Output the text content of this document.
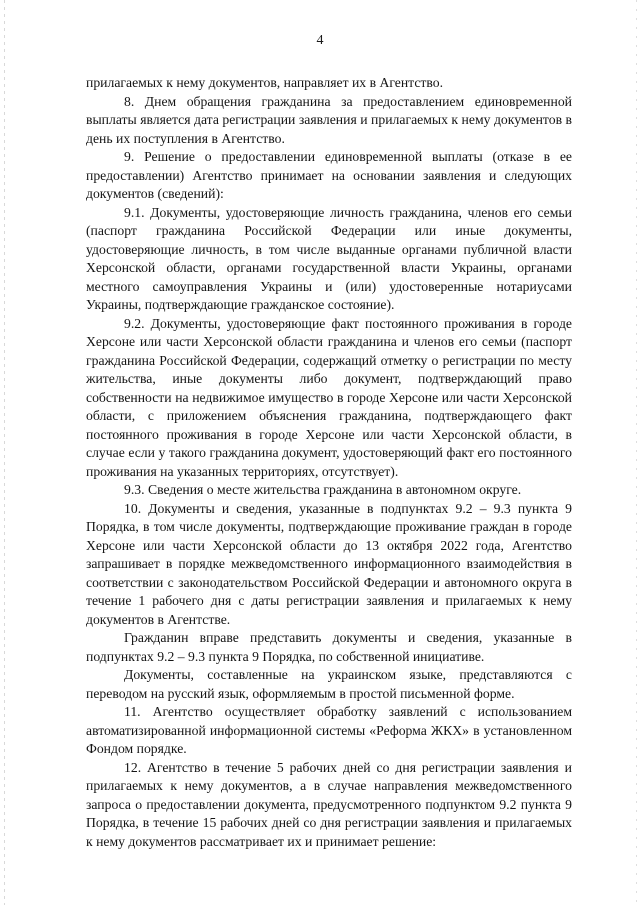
4

прилагаемых к нему документов, направляет их в Агентство.

8. Днем обращения гражданина за предоставлением единовременной выплаты является дата регистрации заявления и прилагаемых к нему документов в день их поступления в Агентство.

9. Решение о предоставлении единовременной выплаты (отказе в ее предоставлении) Агентство принимает на основании заявления и следующих документов (сведений):

9.1. Документы, удостоверяющие личность гражданина, членов его семьи (паспорт гражданина Российской Федерации или иные документы, удостоверяющие личность, в том числе выданные органами публичной власти Херсонской области, органами государственной власти Украины, органами местного самоуправления Украины и (или) удостоверенные нотариусами Украины, подтверждающие гражданское состояние).

9.2. Документы, удостоверяющие факт постоянного проживания в городе Херсоне или части Херсонской области гражданина и членов его семьи (паспорт гражданина Российской Федерации, содержащий отметку о регистрации по месту жительства, иные документы либо документ, подтверждающий право собственности на недвижимое имущество в городе Херсоне или части Херсонской области, с приложением объяснения гражданина, подтверждающего факт постоянного проживания в городе Херсоне или части Херсонской области, в случае если у такого гражданина документ, удостоверяющий факт его постоянного проживания на указанных территориях, отсутствует).

9.3. Сведения о месте жительства гражданина в автономном округе.

10. Документы и сведения, указанные в подпунктах 9.2 – 9.3 пункта 9 Порядка, в том числе документы, подтверждающие проживание граждан в городе Херсоне или части Херсонской области до 13 октября 2022 года, Агентство запрашивает в порядке межведомственного информационного взаимодействия в соответствии с законодательством Российской Федерации и автономного округа в течение 1 рабочего дня с даты регистрации заявления и прилагаемых к нему документов в Агентстве.

Гражданин вправе представить документы и сведения, указанные в подпунктах 9.2 – 9.3 пункта 9 Порядка, по собственной инициативе.

Документы, составленные на украинском языке, представляются с переводом на русский язык, оформляемым в простой письменной форме.

11. Агентство осуществляет обработку заявлений с использованием автоматизированной информационной системы «Реформа ЖКХ» в установленном Фондом порядке.

12. Агентство в течение 5 рабочих дней со дня регистрации заявления и прилагаемых к нему документов, а в случае направления межведомственного запроса о предоставлении документа, предусмотренного подпунктом 9.2 пункта 9 Порядка, в течение 15 рабочих дней со дня регистрации заявления и прилагаемых к нему документов рассматривает их и принимает решение:
